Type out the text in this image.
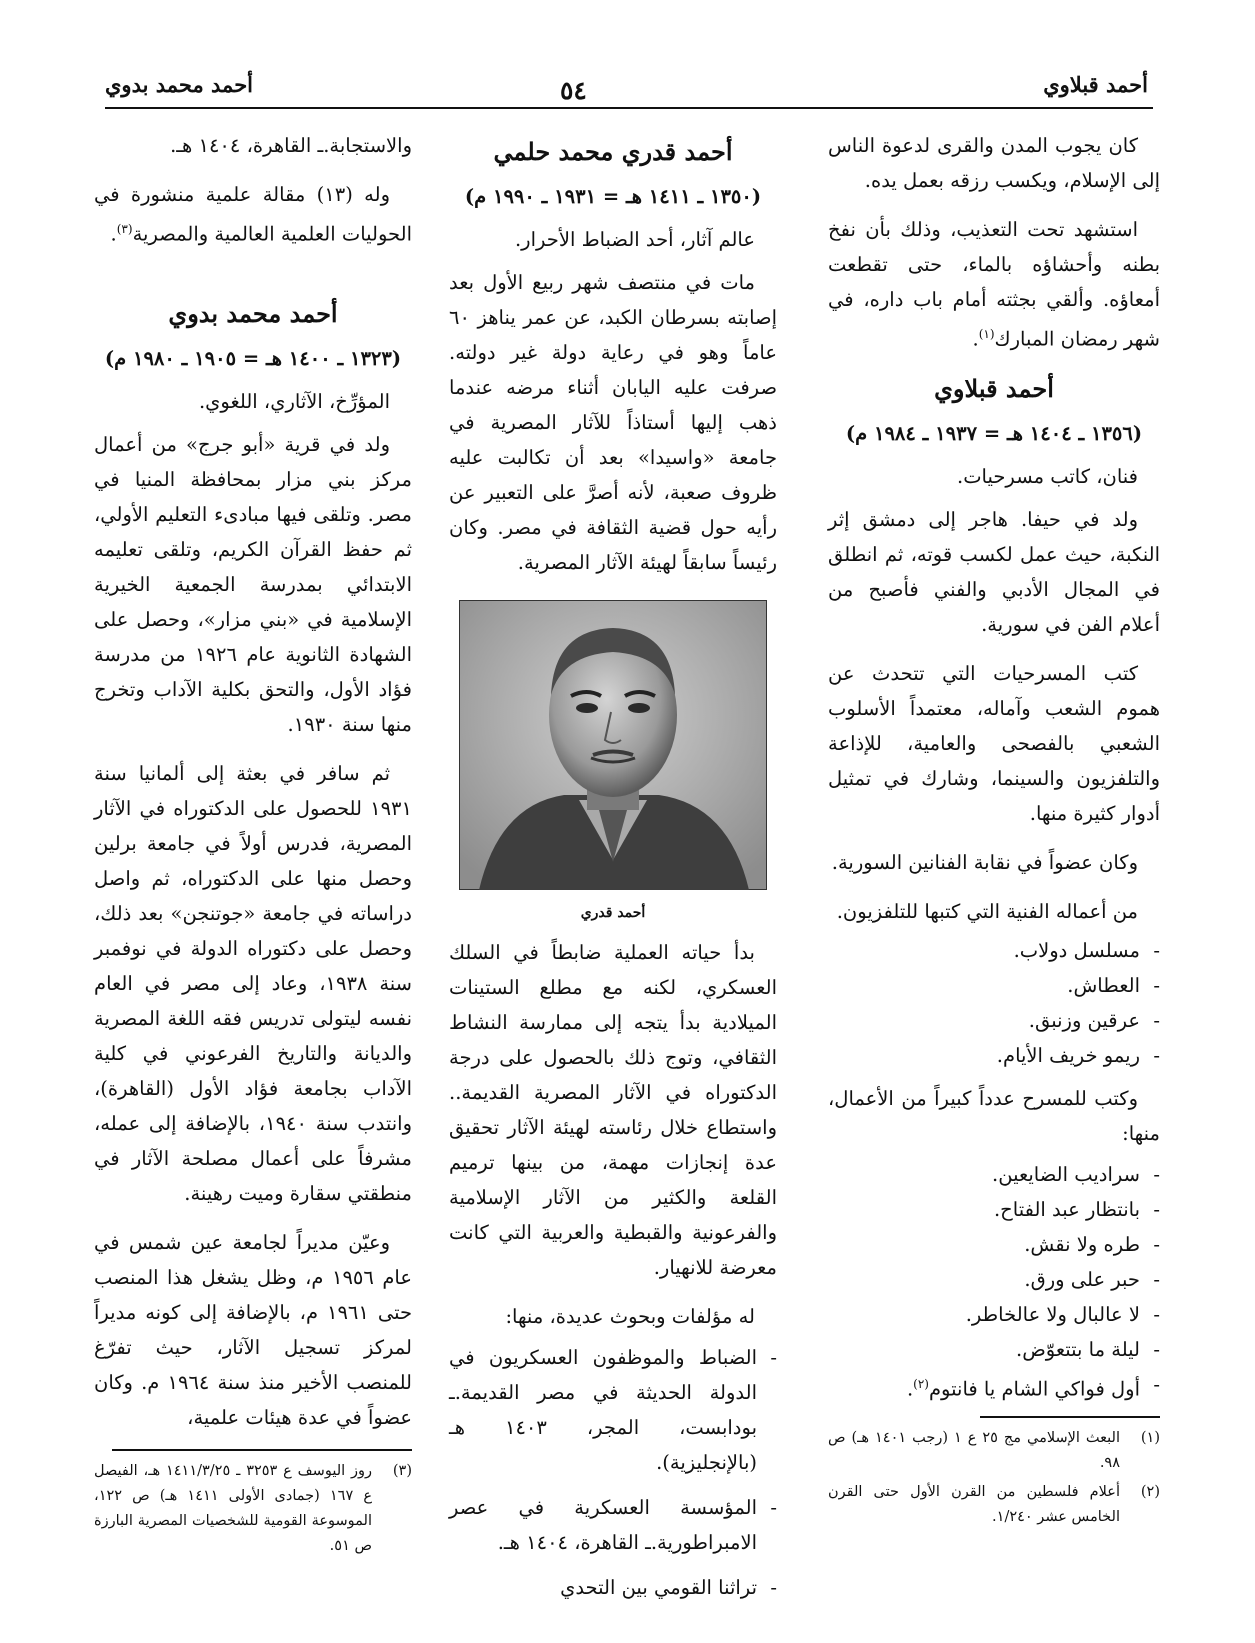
أحمد قبلاوي
٥٤
أحمد محمد بدوي

كان يجوب المدن والقرى لدعوة الناس إلى الإسلام، ويكسب رزقه بعمل يده.

استشهد تحت التعذيب، وذلك بأن نفخ بطنه وأحشاؤه بالماء، حتى تقطعت أمعاؤه. وألقي بجثته أمام باب داره، في شهر رمضان المبارك$^{(١)}$.

أحمد قبلاوي
(١٣٥٦ ـ ١٤٠٤ هـ = ١٩٣٧ ـ ١٩٨٤ م)

فنان، كاتب مسرحيات.

ولد في حيفا. هاجر إلى دمشق إثر النكبة، حيث عمل لكسب قوته، ثم انطلق في المجال الأدبي والفني فأصبح من أعلام الفن في سورية.

كتب المسرحيات التي تتحدث عن هموم الشعب وآماله، معتمداً الأسلوب الشعبي بالفصحى والعامية، للإذاعة والتلفزيون والسينما، وشارك في تمثيل أدوار كثيرة منها.

وكان عضواً في نقابة الفنانين السورية.

من أعماله الفنية التي كتبها للتلفزيون.

- مسلسل دولاب.
- العطاش.
- عرقين وزنبق.
- ريمو خريف الأيام.

وكتب للمسرح عدداً كبيراً من الأعمال، منها:

- سراديب الضايعين.
- بانتظار عبد الفتاح.
- طره ولا نقش.
- حبر على ورق.
- لا عالبال ولا عالخاطر.
- ليلة ما بتتعوّض.
- أول فواكي الشام يا فانتوم$^{(٢)}$.

(١)
البعث الإسلامي مج ٢٥ ع ١ (رجب ١٤٠١ هـ) ص ٩٨.

(٢)
أعلام فلسطين من القرن الأول حتى القرن الخامس عشر ١/٢٤٠.

أحمد قدري محمد حلمي
(١٣٥٠ ـ ١٤١١ هـ = ١٩٣١ ـ ١٩٩٠ م)

عالم آثار، أحد الضباط الأحرار.

مات في منتصف شهر ربيع الأول بعد إصابته بسرطان الكبد، عن عمر يناهز ٦٠ عاماً وهو في رعاية دولة غير دولته. صرفت عليه اليابان أثناء مرضه عندما ذهب إليها أستاذاً للآثار المصرية في جامعة «واسيدا» بعد أن تكالبت عليه ظروف صعبة، لأنه أصرَّ على التعبير عن رأيه حول قضية الثقافة في مصر. وكان رئيساً سابقاً لهيئة الآثار المصرية.

أحمد قدري

بدأ حياته العملية ضابطاً في السلك العسكري، لكنه مع مطلع الستينات الميلادية بدأ يتجه إلى ممارسة النشاط الثقافي، وتوج ذلك بالحصول على درجة الدكتوراه في الآثار المصرية القديمة.. واستطاع خلال رئاسته لهيئة الآثار تحقيق عدة إنجازات مهمة، من بينها ترميم القلعة والكثير من الآثار الإسلامية والفرعونية والقبطية والعربية التي كانت معرضة للانهيار.

له مؤلفات وبحوث عديدة، منها:

- الضباط والموظفون العسكريون في الدولة الحديثة في مصر القديمة.ـ بودابست، المجر، ١٤٠٣ هـ (بالإنجليزية).
- المؤسسة العسكرية في عصر الامبراطورية.ـ القاهرة، ١٤٠٤ هـ.
- تراثنا القومي بين التحدي

والاستجابة.ـ القاهرة، ١٤٠٤ هـ.

وله (١٣) مقالة علمية منشورة في الحوليات العلمية العالمية والمصرية$^{(٣)}$.

أحمد محمد بدوي
(١٣٢٣ ـ ١٤٠٠ هـ = ١٩٠٥ ـ ١٩٨٠ م)

المؤرِّخ، الآثاري، اللغوي.

ولد في قرية «أبو جرج» من أعمال مركز بني مزار بمحافظة المنيا في مصر. وتلقى فيها مبادىء التعليم الأولي، ثم حفظ القرآن الكريم، وتلقى تعليمه الابتدائي بمدرسة الجمعية الخيرية الإسلامية في «بني مزار»، وحصل على الشهادة الثانوية عام ١٩٢٦ من مدرسة فؤاد الأول، والتحق بكلية الآداب وتخرج منها سنة ١٩٣٠.

ثم سافر في بعثة إلى ألمانيا سنة ١٩٣١ للحصول على الدكتوراه في الآثار المصرية، فدرس أولاً في جامعة برلين وحصل منها على الدكتوراه، ثم واصل دراساته في جامعة «جوتنجن» بعد ذلك، وحصل على دكتوراه الدولة في نوفمبر سنة ١٩٣٨، وعاد إلى مصر في العام نفسه ليتولى تدريس فقه اللغة المصرية والديانة والتاريخ الفرعوني في كلية الآداب بجامعة فؤاد الأول (القاهرة)، وانتدب سنة ١٩٤٠، بالإضافة إلى عمله، مشرفاً على أعمال مصلحة الآثار في منطقتي سقارة وميت رهينة.

وعيّن مديراً لجامعة عين شمس في عام ١٩٥٦ م، وظل يشغل هذا المنصب حتى ١٩٦١ م، بالإضافة إلى كونه مديراً لمركز تسجيل الآثار، حيث تفرّغ للمنصب الأخير منذ سنة ١٩٦٤ م. وكان عضواً في عدة هيئات علمية،

(٣)
روز اليوسف ع ٣٢٥٣ ـ ١٤١١/٣/٢٥ هـ، الفيصل ع ١٦٧ (جمادى الأولى ١٤١١ هـ) ص ١٢٢، الموسوعة القومية للشخصيات المصرية البارزة ص ٥١.
